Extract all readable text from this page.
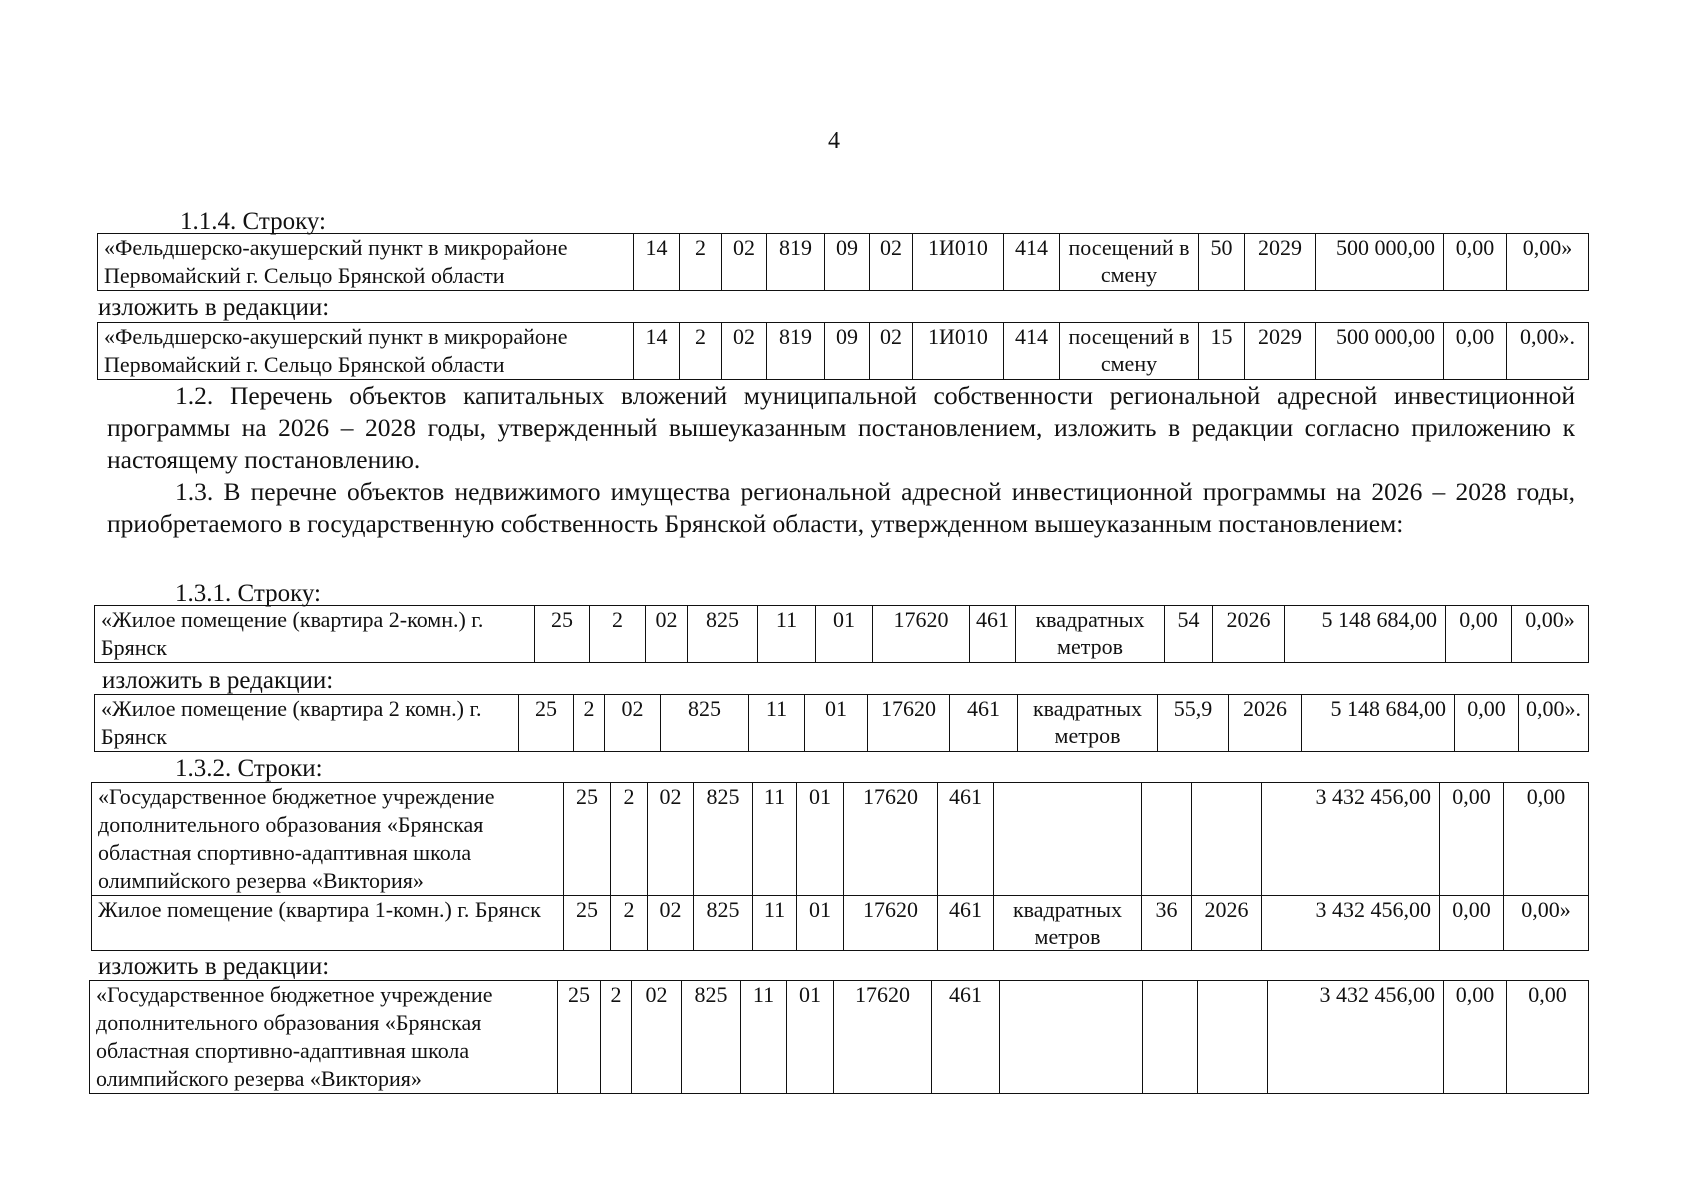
4
1.1.4. Строку:
«Фельдшерско-акушерский пункт в микрорайоне Первомайский г. Сельцо Брянской области	14	2	02	819	09	02	1И010	414	посещений в смену	50	2029	500 000,00	0,00	0,00»
изложить в редакции:
«Фельдшерско-акушерский пункт в микрорайоне Первомайский г. Сельцо Брянской области	14	2	02	819	09	02	1И010	414	посещений в смену	15	2029	500 000,00	0,00	0,00».
1.2. Перечень объектов капитальных вложений муниципальной собственности региональной адресной инвестиционной программы на 2026 – 2028 годы, утвержденный вышеуказанным постановлением, изложить в редакции согласно приложению к настоящему постановлению.
1.3. В перечне объектов недвижимого имущества региональной адресной инвестиционной программы на 2026 – 2028 годы, приобретаемого в государственную собственность Брянской области, утвержденном вышеуказанным постановлением:
1.3.1. Строку:
«Жилое помещение (квартира 2-комн.) г. Брянск	25	2	02	825	11	01	17620	461	квадратных метров	54	2026	5 148 684,00	0,00	0,00»
изложить в редакции:
«Жилое помещение (квартира 2 комн.) г. Брянск	25	2	02	825	11	01	17620	461	квадратных метров	55,9	2026	5 148 684,00	0,00	0,00».
1.3.2. Строки:
«Государственное бюджетное учреждение дополнительного образования «Брянская областная спортивно-адаптивная школа олимпийского резерва «Виктория»	25	2	02	825	11	01	17620	461				3 432 456,00	0,00	0,00
Жилое помещение (квартира 1-комн.) г. Брянск	25	2	02	825	11	01	17620	461	квадратных метров	36	2026	3 432 456,00	0,00	0,00»
изложить в редакции:
«Государственное бюджетное учреждение дополнительного образования «Брянская областная спортивно-адаптивная школа олимпийского резерва «Виктория»	25	2	02	825	11	01	17620	461				3 432 456,00	0,00	0,00
